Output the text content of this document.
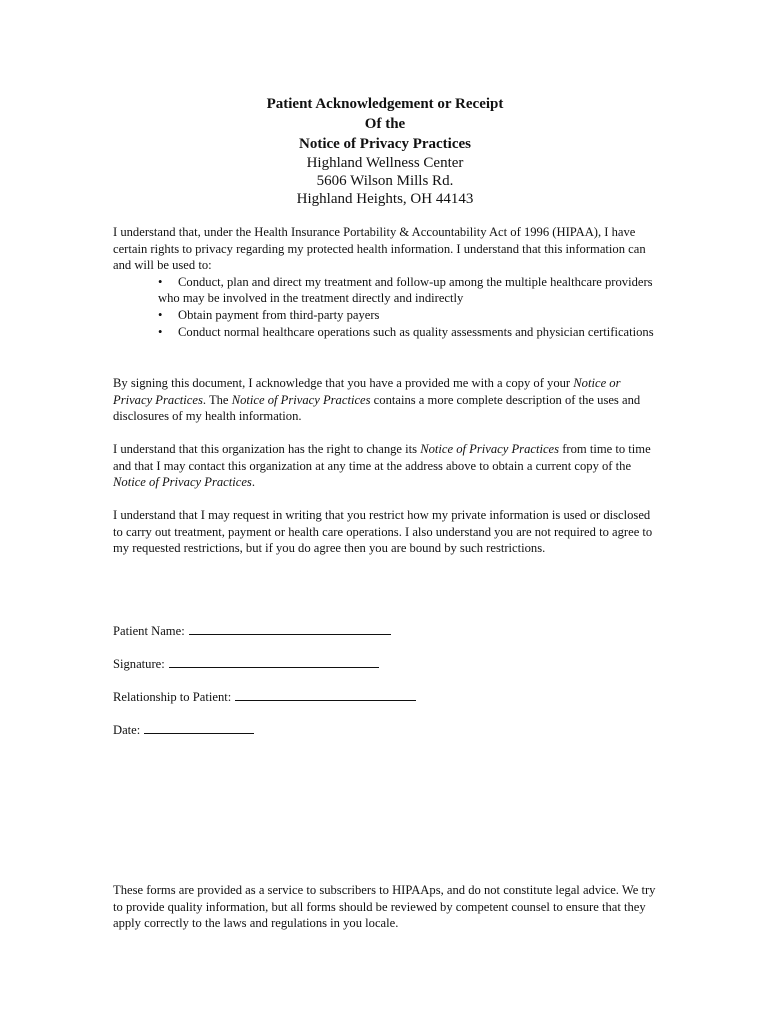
Patient Acknowledgement or Receipt

Of the

Notice of Privacy Practices

Highland Wellness Center

5606 Wilson Mills Rd.

Highland Heights, OH 44143

I understand that, under the Health Insurance Portability & Accountability Act of 1996 (HIPAA), I have certain rights to privacy regarding my protected health information. I understand that this information can and will be used to:
• Conduct, plan and direct my treatment and follow-up among the multiple healthcare providers who may be involved in the treatment directly and indirectly
• Obtain payment from third-party payers
• Conduct normal healthcare operations such as quality assessments and physician certifications

By signing this document, I acknowledge that you have a provided me with a copy of your Notice or Privacy Practices. The Notice of Privacy Practices contains a more complete description of the uses and disclosures of my health information.

I understand that this organization has the right to change its Notice of Privacy Practices from time to time and that I may contact this organization at any time at the address above to obtain a current copy of the Notice of Privacy Practices.

I understand that I may request in writing that you restrict how my private information is used or disclosed to carry out treatment, payment or health care operations. I also understand you are not required to agree to my requested restrictions, but if you do agree then you are bound by such restrictions.

Patient Name:
Signature:
Relationship to Patient:
Date:

These forms are provided as a service to subscribers to HIPAAps, and do not constitute legal advice. We try to provide quality information, but all forms should be reviewed by competent counsel to ensure that they apply correctly to the laws and regulations in you locale.
